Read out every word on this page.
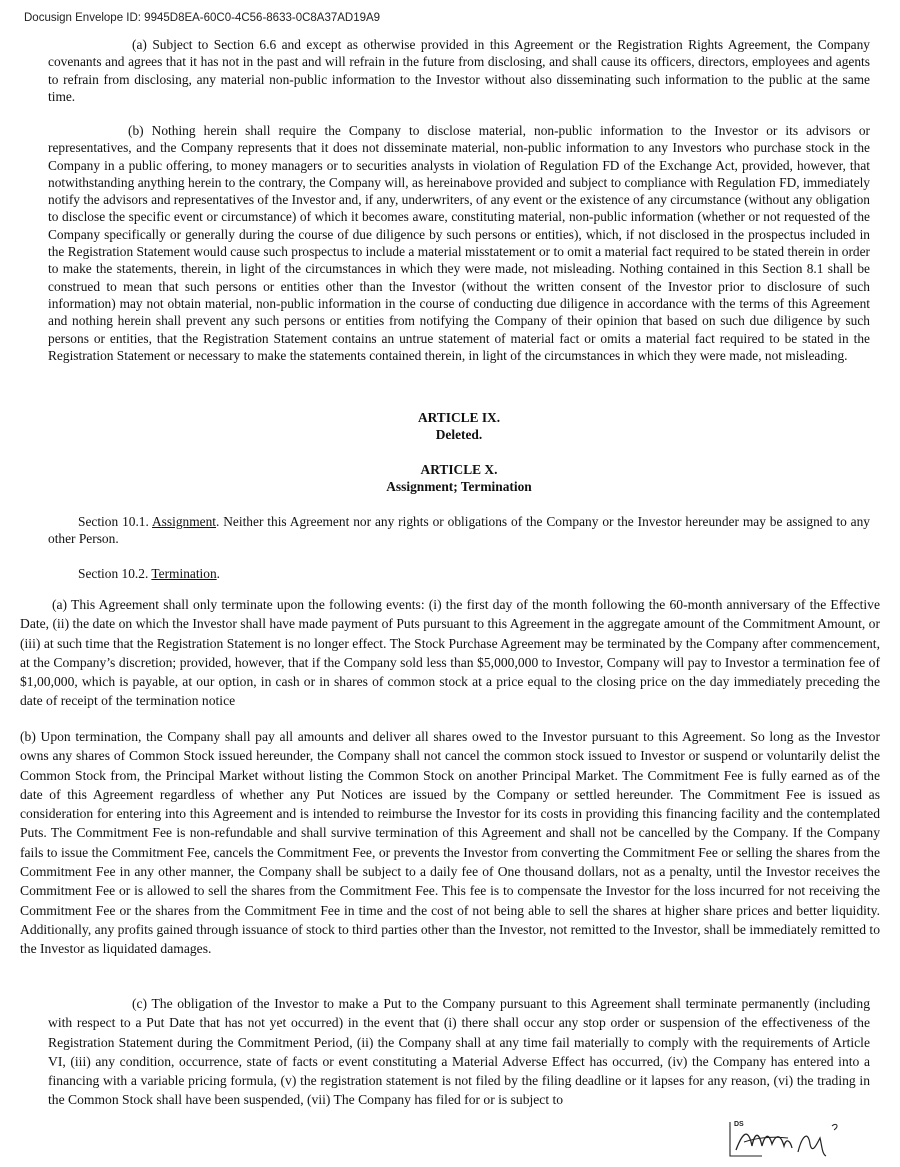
Docusign Envelope ID: 9945D8EA-60C0-4C56-8633-0C8A37AD19A9

(a) Subject to Section 6.6 and except as otherwise provided in this Agreement or the Registration Rights Agreement, the Company covenants and agrees that it has not in the past and will refrain in the future from disclosing, and shall cause its officers, directors, employees and agents to refrain from disclosing, any material non-public information to the Investor without also disseminating such information to the public at the same time.

(b) Nothing herein shall require the Company to disclose material, non-public information to the Investor or its advisors or representatives, and the Company represents that it does not disseminate material, non-public information to any Investors who purchase stock in the Company in a public offering, to money managers or to securities analysts in violation of Regulation FD of the Exchange Act, provided, however, that notwithstanding anything herein to the contrary, the Company will, as hereinabove provided and subject to compliance with Regulation FD, immediately notify the advisors and representatives of the Investor and, if any, underwriters, of any event or the existence of any circumstance (without any obligation to disclose the specific event or circumstance) of which it becomes aware, constituting material, non-public information (whether or not requested of the Company specifically or generally during the course of due diligence by such persons or entities), which, if not disclosed in the prospectus included in the Registration Statement would cause such prospectus to include a material misstatement or to omit a material fact required to be stated therein in order to make the statements, therein, in light of the circumstances in which they were made, not misleading. Nothing contained in this Section 8.1 shall be construed to mean that such persons or entities other than the Investor (without the written consent of the Investor prior to disclosure of such information) may not obtain material, non-public information in the course of conducting due diligence in accordance with the terms of this Agreement and nothing herein shall prevent any such persons or entities from notifying the Company of their opinion that based on such due diligence by such persons or entities, that the Registration Statement contains an untrue statement of material fact or omits a material fact required to be stated in the Registration Statement or necessary to make the statements contained therein, in light of the circumstances in which they were made, not misleading.

ARTICLE IX.

Deleted.

ARTICLE X.

Assignment; Termination

Section 10.1. Assignment. Neither this Agreement nor any rights or obligations of the Company or the Investor hereunder may be assigned to any other Person.

Section 10.2. Termination.

(a) This Agreement shall only terminate upon the following events: (i) the first day of the month following the 60-month anniversary of the Effective Date, (ii) the date on which the Investor shall have made payment of Puts pursuant to this Agreement in the aggregate amount of the Commitment Amount, or (iii) at such time that the Registration Statement is no longer effect. The Stock Purchase Agreement may be terminated by the Company after commencement, at the Company’s discretion; provided, however, that if the Company sold less than $5,000,000 to Investor, Company will pay to Investor a termination fee of $1,00,000, which is payable, at our option, in cash or in shares of common stock at a price equal to the closing price on the day immediately preceding the date of receipt of the termination notice

(b) Upon termination, the Company shall pay all amounts and deliver all shares owed to the Investor pursuant to this Agreement. So long as the Investor owns any shares of Common Stock issued hereunder, the Company shall not cancel the common stock issued to Investor or suspend or voluntarily delist the Common Stock from, the Principal Market without listing the Common Stock on another Principal Market. The Commitment Fee is fully earned as of the date of this Agreement regardless of whether any Put Notices are issued by the Company or settled hereunder. The Commitment Fee is issued as consideration for entering into this Agreement and is intended to reimburse the Investor for its costs in providing this financing facility and the contemplated Puts. The Commitment Fee is non-refundable and shall survive termination of this Agreement and shall not be cancelled by the Company. If the Company fails to issue the Commitment Fee, cancels the Commitment Fee, or prevents the Investor from converting the Commitment Fee or selling the shares from the Commitment Fee in any other manner, the Company shall be subject to a daily fee of One thousand dollars, not as a penalty, until the Investor receives the Commitment Fee or is allowed to sell the shares from the Commitment Fee. This fee is to compensate the Investor for the loss incurred for not receiving the Commitment Fee or the shares from the Commitment Fee in time and the cost of not being able to sell the shares at higher share prices and better liquidity. Additionally, any profits gained through issuance of stock to third parties other than the Investor, not remitted to the Investor, shall be immediately remitted to the Investor as liquidated damages.

(c) The obligation of the Investor to make a Put to the Company pursuant to this Agreement shall terminate permanently (including with respect to a Put Date that has not yet occurred) in the event that (i) there shall occur any stop order or suspension of the effectiveness of the Registration Statement during the Commitment Period, (ii) the Company shall at any time fail materially to comply with the requirements of Article VI, (iii) any condition, occurrence, state of facts or event constituting a Material Adverse Effect has occurred, (iv) the Company has entered into a financing with a variable pricing formula, (v) the registration statement is not filed by the filing deadline or it lapses for any reason, (vi) the trading in the Common Stock shall have been suspended, (vii) The Company has filed for or is subject to

DS
